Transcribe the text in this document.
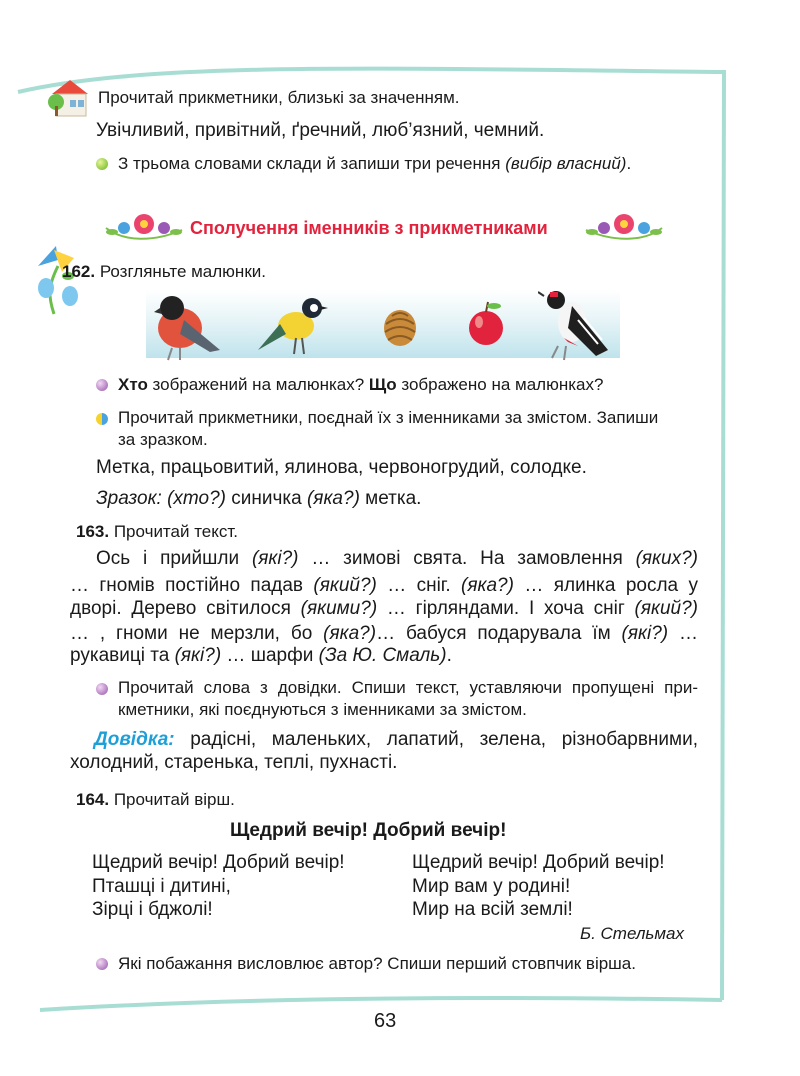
Прочитай прикметники, близькі за значенням.
Увічливий, привітний, ґречний, люб’язний, чемний.
З трьома словами склади й запиши три речення (вибір власний).
Сполучення іменників з прикметниками
162. Розгляньте малюнки.
Хто зображений на малюнках? Що зображено на малюнках?
Прочитай прикметники, поєднай їх з іменниками за змістом. Запиши
за зразком.
Метка, працьовитий, ялинова, червоногрудий, солодке.
Зразок: (хто?) синичка (яка?) метка.
163. Прочитай текст.
Ось і прийшли (які?) … зимові свята. На замовлення (яких?)
… гномів постійно падав (який?) … сніг. (яка?) … ялинка росла у
дворі. Дерево світилося (якими?) … гірляндами. І хоча сніг (який?)
… , гноми не мерзли, бо (яка?)… бабуся подарувала їм (які?) …
рукавиці та (які?) … шарфи (За Ю. Смаль).
Прочитай слова з довідки. Спиши текст, уставляючи пропущені при-
кметники, які поєднуються з іменниками за змістом.
Довідка: радісні, маленьких, лапатий, зелена, різнобарвними,
холодний, старенька, теплі, пухнасті.
164. Прочитай вірш.
Щедрий вечір! Добрий вечір!
Щедрий вечір! Добрий вечір!
Пташці і дитині,
Зірці і бджолі!
Щедрий вечір! Добрий вечір!
Мир вам у родині!
Мир на всій землі!
Б. Стельмах
Які побажання висловлює автор? Спиши перший стовпчик вірша.
63
